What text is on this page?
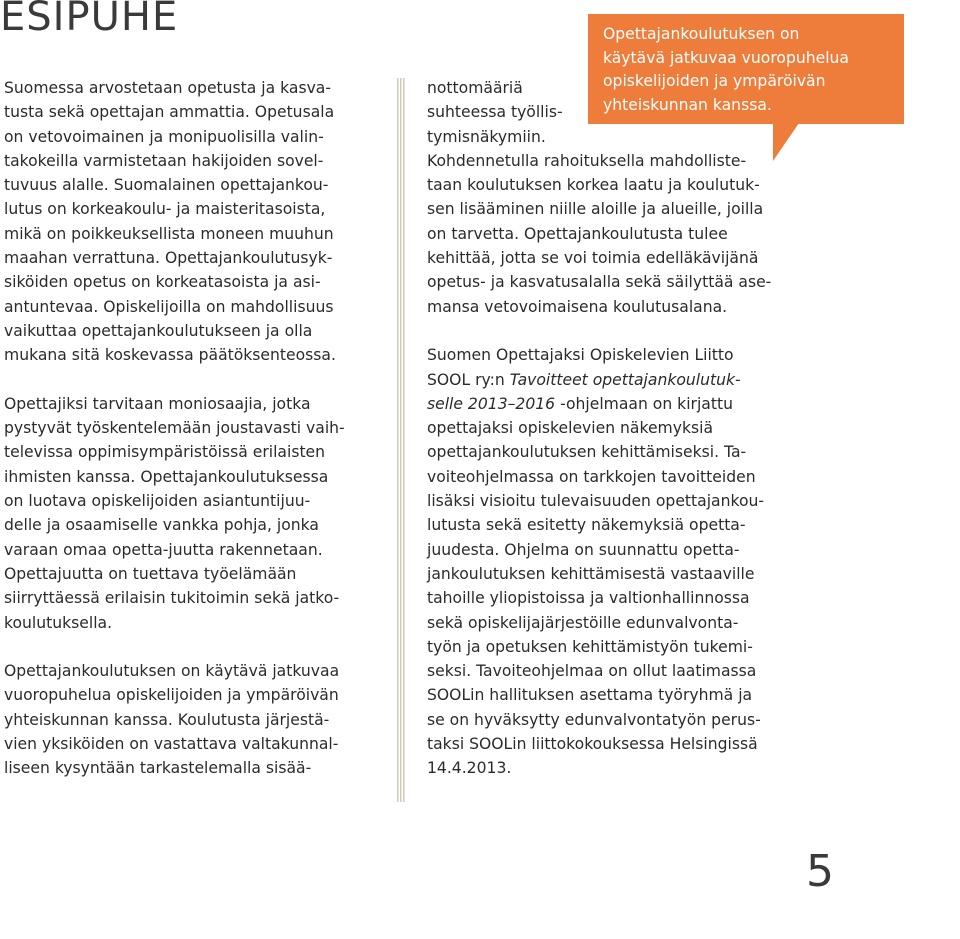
ESIPUHE
Suomessa arvostetaan opetusta ja kasva-
tusta sekä opettajan ammattia. Opetusala
on vetovoimainen ja monipuolisilla valin-
takokeilla varmistetaan hakijoiden sovel-
tuvuus alalle. Suomalainen opettajankou-
lutus on korkeakoulu- ja maisteritasoista,
mikä on poikkeuksellista moneen muuhun
maahan verrattuna. Opettajankoulutusyk-
siköiden opetus on korkeatasoista ja asi-
antuntevaa. Opiskelijoilla on mahdollisuus
vaikuttaa opettajankoulutukseen ja olla
mukana sitä koskevassa päätöksenteossa.
Opettajiksi tarvitaan moniosaajia, jotka
pystyvät työskentelemään joustavasti vaih-
televissa oppimisympäristöissä erilaisten
ihmisten kanssa. Opettajankoulutuksessa
on luotava opiskelijoiden asiantuntijuu-
delle ja osaamiselle vankka pohja, jonka
varaan omaa opetta-juutta rakennetaan.
Opettajuutta on tuettava työelämään
siirryttäessä erilaisin tukitoimin sekä jatko-
koulutuksella.
Opettajankoulutuksen on käytävä jatkuvaa
vuoropuhelua opiskelijoiden ja ympäröivän
yhteiskunnan kanssa. Koulutusta järjestä-
vien yksiköiden on vastattava valtakunnal-
liseen kysyntään tarkastelemalla sisää-
nottomääriä
suhteessa työllis-
tymisnäkymiin.
Kohdennetulla rahoituksella mahdolliste-
taan koulutuksen korkea laatu ja koulutuk-
sen lisääminen niille aloille ja alueille, joilla
on tarvetta. Opettajankoulutusta tulee
kehittää, jotta se voi toimia edelläkävijänä
opetus- ja kasvatusalalla sekä säilyttää ase-
mansa vetovoimaisena koulutusalana.
Suomen Opettajaksi Opiskelevien Liitto
SOOL ry:n Tavoitteet opettajankoulutuk-
selle 2013–2016 -ohjelmaan on kirjattu
opettajaksi opiskelevien näkemyksiä
opettajankoulutuksen kehittämiseksi. Ta-
voiteohjelmassa on tarkkojen tavoitteiden
lisäksi visioitu tulevaisuuden opettajankou-
lutusta sekä esitetty näkemyksiä opetta-
juudesta. Ohjelma on suunnattu opetta-
jankoulutuksen kehittämisestä vastaaville
tahoille yliopistoissa ja valtionhallinnossa
sekä opiskelijajärjestöille edunvalvonta-
työn ja opetuksen kehittämistyön tukemi-
seksi. Tavoiteohjelmaa on ollut laatimassa
SOOLin hallituksen asettama työryhmä ja
se on hyväksytty edunvalvontatyön perus-
taksi SOOLin liittokokouksessa Helsingissä
14.4.2013.
Opettajankoulutuksen on
käytävä jatkuvaa vuoropuhelua
opiskelijoiden ja ympäröivän
yhteiskunnan kanssa.
5
